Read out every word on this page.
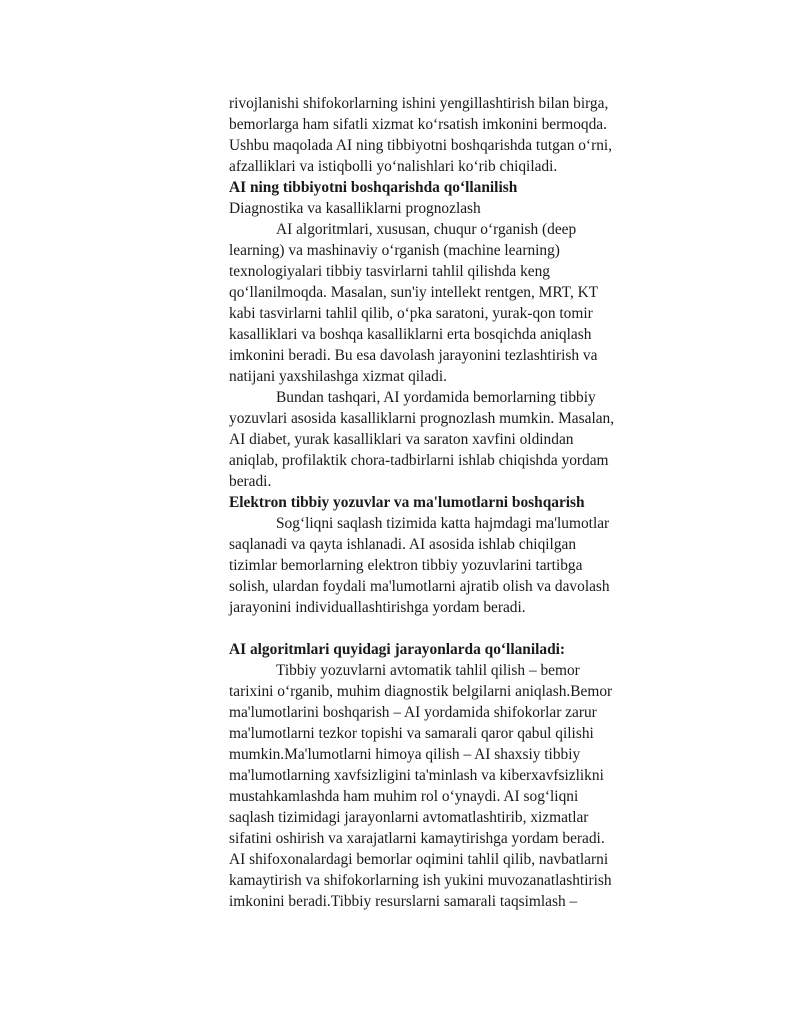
rivojlanishi shifokorlarning ishini yengillashtirish bilan birga, bemorlarga ham sifatli xizmat koʻrsatish imkonini bermoqda. Ushbu maqolada AI ning tibbiyotni boshqarishda tutgan oʻrni, afzalliklari va istiqbolli yoʻnalishlari koʻrib chiqiladi.

AI ning tibbiyotni boshqarishda qoʻllanilish
Diagnostika va kasalliklarni prognozlash

AI algoritmlari, xususan, chuqur oʻrganish (deep learning) va mashinaviy oʻrganish (machine learning) texnologiyalari tibbiy tasvirlarni tahlil qilishda keng qoʻllanilmoqda. Masalan, sun'iy intellekt rentgen, MRT, KT kabi tasvirlarni tahlil qilib, oʻpka saratoni, yurak-qon tomir kasalliklari va boshqa kasalliklarni erta bosqichda aniqlash imkonini beradi. Bu esa davolash jarayonini tezlashtirish va natijani yaxshilashga xizmat qiladi.

Bundan tashqari, AI yordamida bemorlarning tibbiy yozuvlari asosida kasalliklarni prognozlash mumkin. Masalan, AI diabet, yurak kasalliklari va saraton xavfini oldindan aniqlab, profilaktik chora-tadbirlarni ishlab chiqishda yordam beradi.

Elektron tibbiy yozuvlar va ma'lumotlarni boshqarish

Sogʻliqni saqlash tizimida katta hajmdagi ma'lumotlar saqlanadi va qayta ishlanadi. AI asosida ishlab chiqilgan tizimlar bemorlarning elektron tibbiy yozuvlarini tartibga solish, ulardan foydali ma'lumotlarni ajratib olish va davolash jarayonini individuallashtirishga yordam beradi.

AI algoritmlari quyidagi jarayonlarda qoʻllaniladi:

Tibbiy yozuvlarni avtomatik tahlil qilish – bemor tarixini oʻrganib, muhim diagnostik belgilarni aniqlash.Bemor ma'lumotlarini boshqarish – AI yordamida shifokorlar zarur ma'lumotlarni tezkor topishi va samarali qaror qabul qilishi mumkin.Ma'lumotlarni himoya qilish – AI shaxsiy tibbiy ma'lumotlarning xavfsizligini ta'minlash va kiberxavfsizlikni mustahkamlashda ham muhim rol oʻynaydi. AI sogʻliqni saqlash tizimidagi jarayonlarni avtomatlashtirib, xizmatlar sifatini oshirish va xarajatlarni kamaytirishga yordam beradi. AI shifoxonalardagi bemorlar oqimini tahlil qilib, navbatlarni kamaytirish va shifokorlarning ish yukini muvozanatlashtirish imkonini beradi.Tibbiy resurslarni samarali taqsimlash –
